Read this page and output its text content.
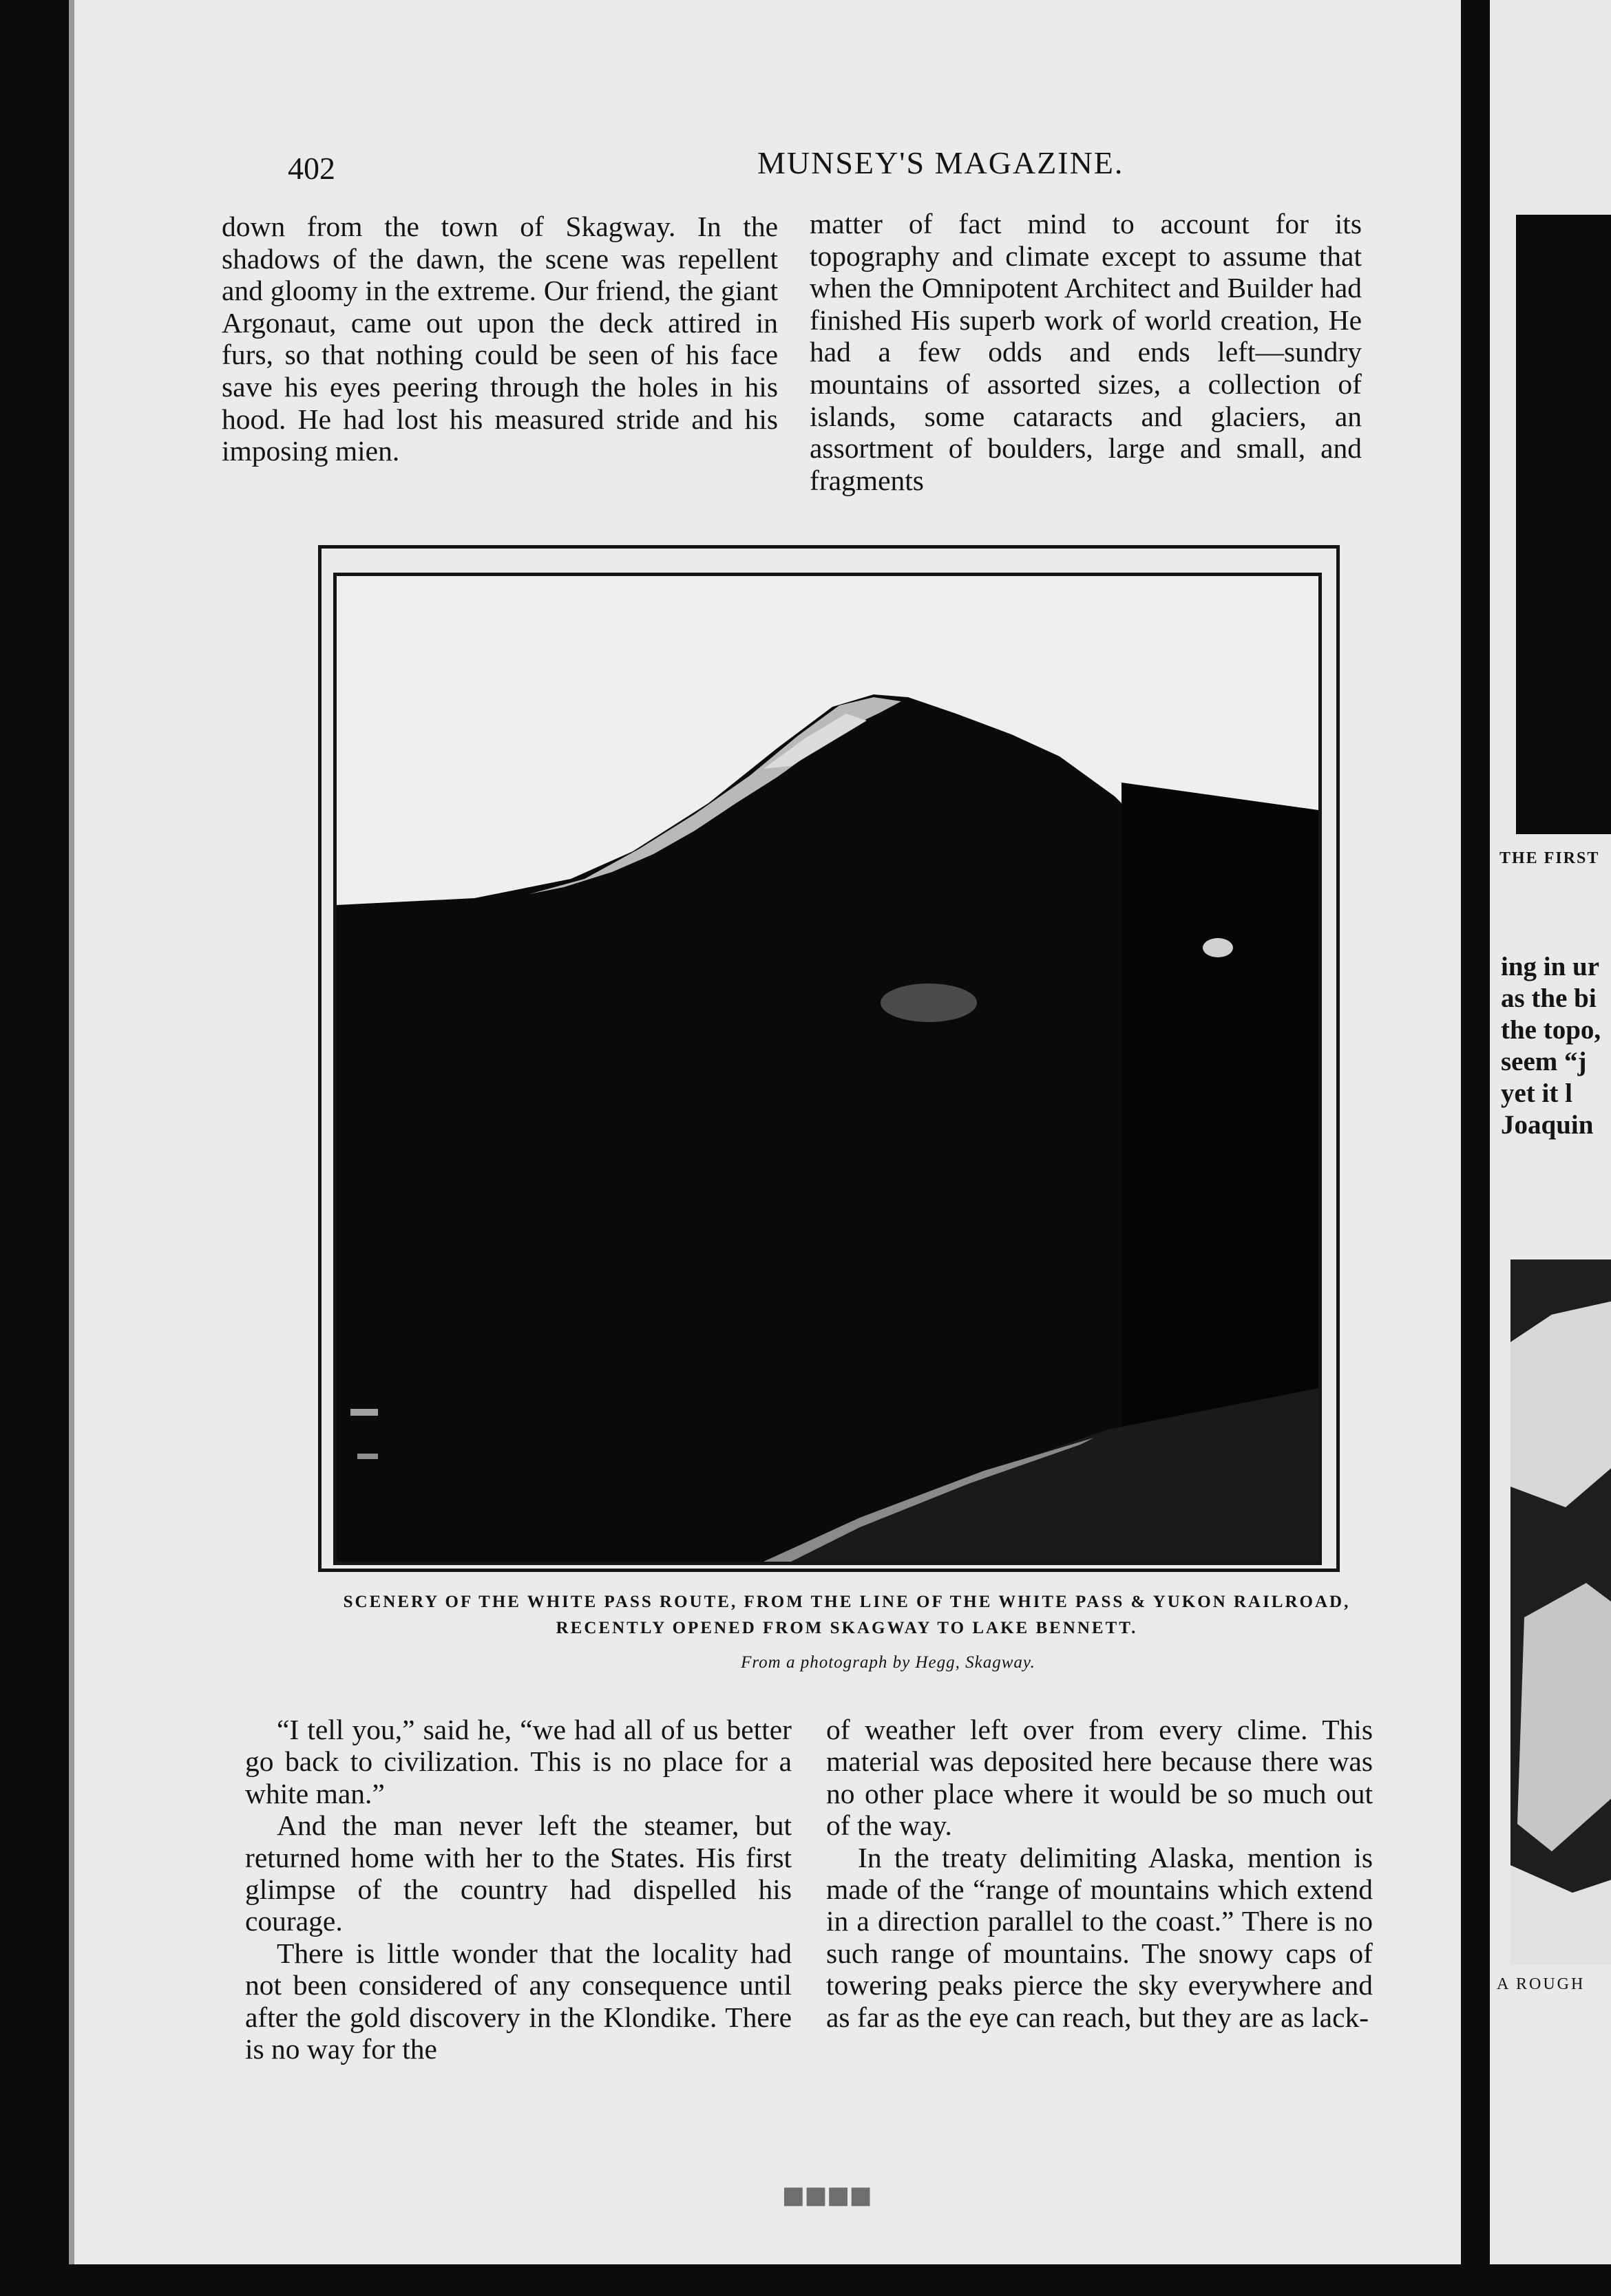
402	MUNSEY'S MAGAZINE.

down from the town of Skagway. In the shadows of the dawn, the scene was repellent and gloomy in the extreme. Our friend, the giant Argonaut, came out upon the deck attired in furs, so that nothing could be seen of his face save his eyes peering through the holes in his hood. He had lost his measured stride and his imposing mien.

matter of fact mind to account for its topography and climate except to assume that when the Omnipotent Architect and Builder had finished His superb work of world creation, He had a few odds and ends left—sundry mountains of assorted sizes, a collection of islands, some cataracts and glaciers, an assortment of boulders, large and small, and fragments

SCENERY OF THE WHITE PASS ROUTE, FROM THE LINE OF THE WHITE PASS & YUKON RAILROAD,
RECENTLY OPENED FROM SKAGWAY TO LAKE BENNETT.
From a photograph by Hegg, Skagway.

“I tell you,” said he, “we had all of us better go back to civilization. This is no place for a white man.”

And the man never left the steamer, but returned home with her to the States. His first glimpse of the country had dispelled his courage.

There is little wonder that the locality had not been considered of any consequence until after the gold discovery in the Klondike. There is no way for the

of weather left over from every clime. This material was deposited here because there was no other place where it would be so much out of the way.

In the treaty delimiting Alaska, mention is made of the “range of mountains which extend in a direction parallel to the coast.” There is no such range of mountains. The snowy caps of towering peaks pierce the sky everywhere and as far as the eye can reach, but they are as lack-

▪▪▪▪
THE FIRST
ing in ur
as the bi
the topo,
seem “j
yet it l
Joaquin
A ROUGH
